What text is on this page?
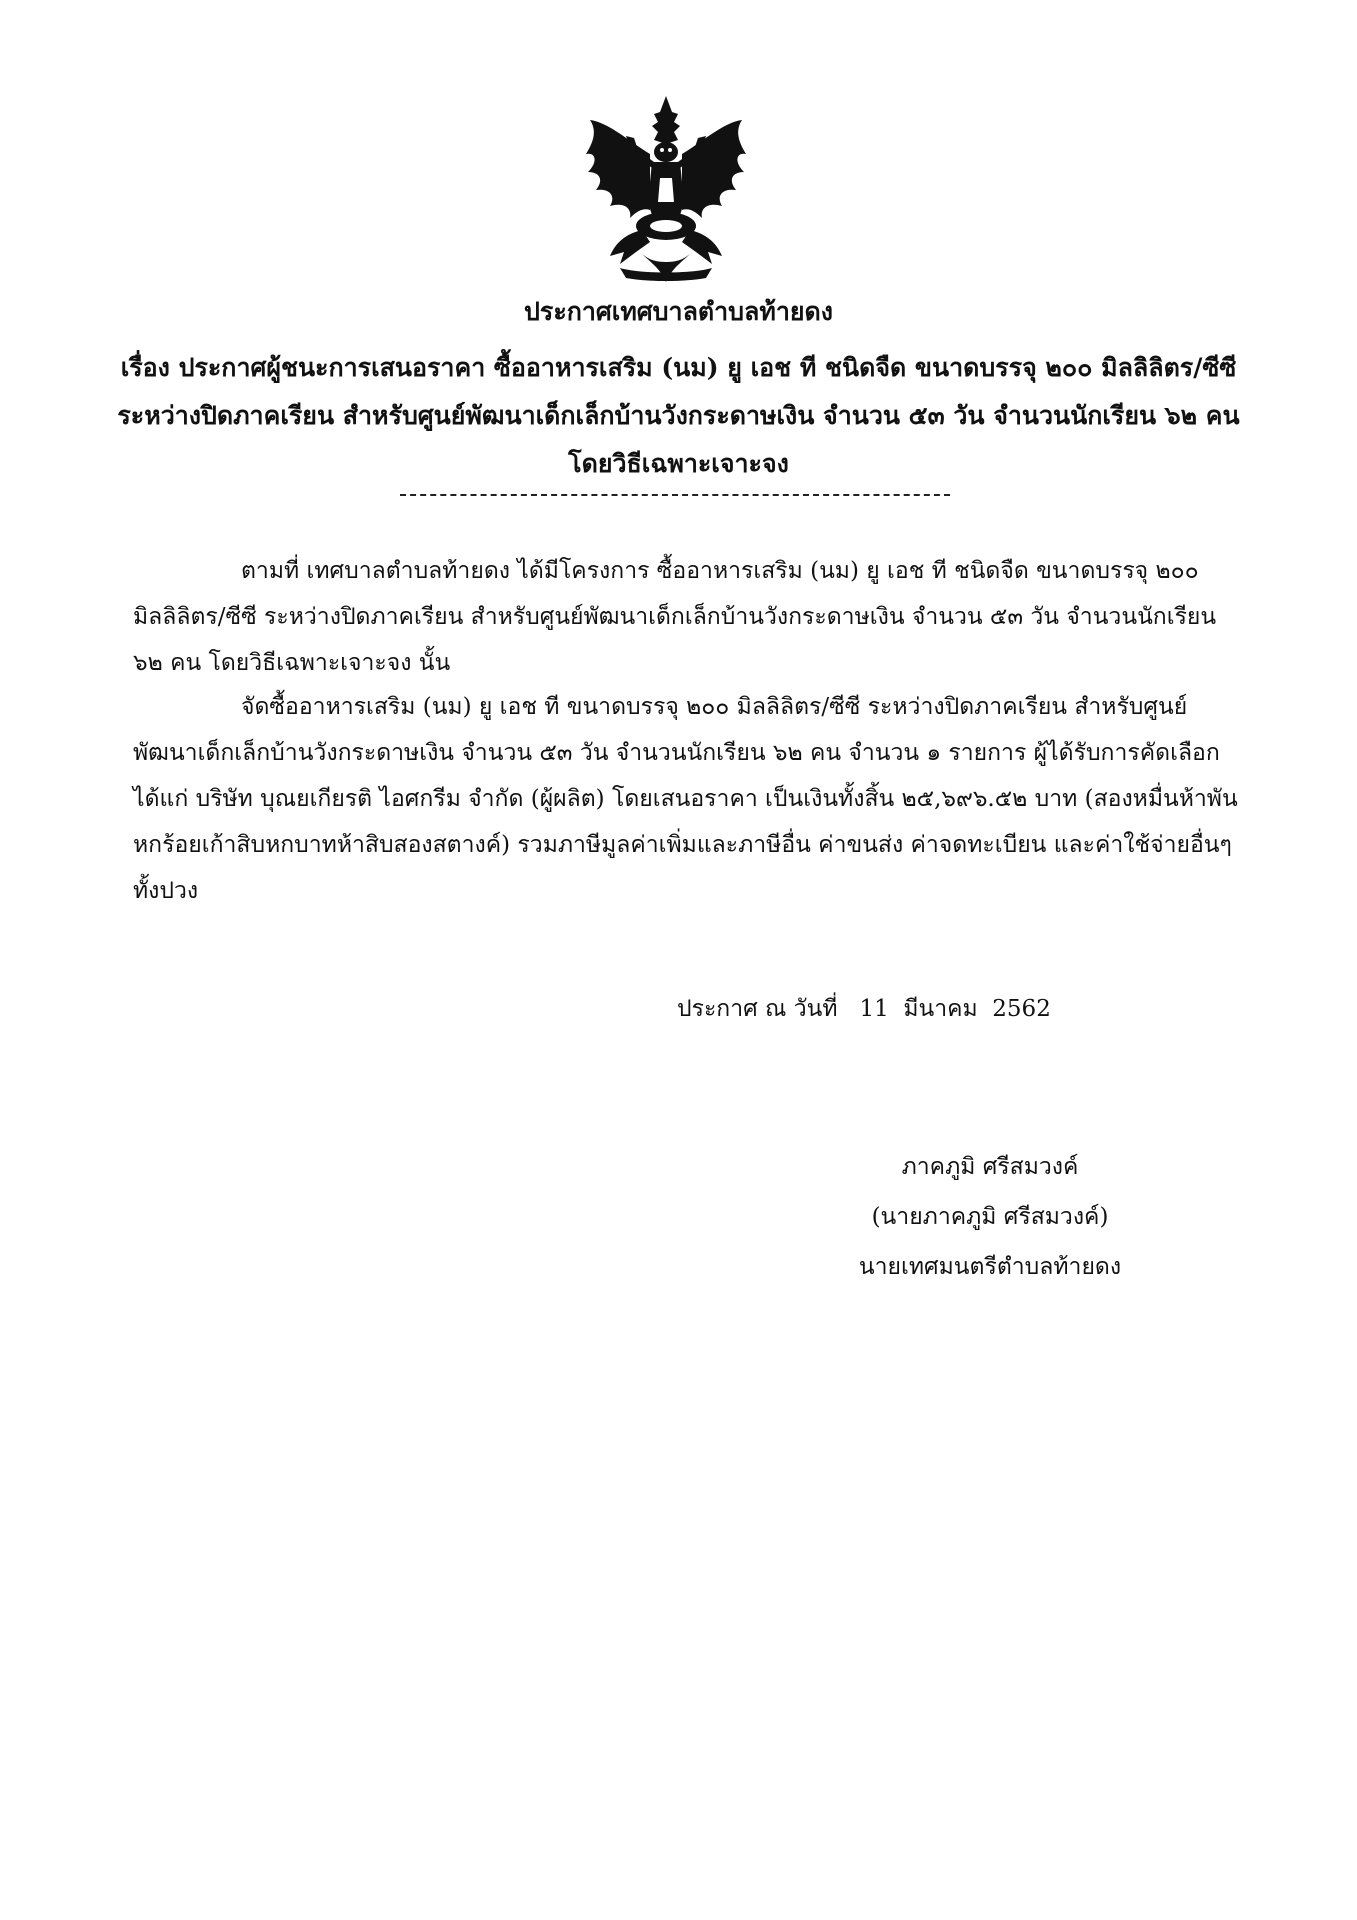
ประกาศเทศบาลตำบลท้ายดง
เรื่อง ประกาศผู้ชนะการเสนอราคา ซื้ออาหารเสริม (นม) ยู เอช ที ชนิดจืด ขนาดบรรจุ ๒๐๐ มิลลิลิตร/ซีซี ระหว่างปิดภาคเรียน สำหรับศูนย์พัฒนาเด็กเล็กบ้านวังกระดาษเงิน จำนวน ๕๓ วัน จำนวนนักเรียน ๖๒ คน โดยวิธีเฉพาะเจาะจง
ตามที่ เทศบาลตำบลท้ายดง ได้มีโครงการ ซื้ออาหารเสริม (นม) ยู เอช ที ชนิดจืด ขนาดบรรจุ ๒๐๐ มิลลิลิตร/ซีซี ระหว่างปิดภาคเรียน สำหรับศูนย์พัฒนาเด็กเล็กบ้านวังกระดาษเงิน จำนวน ๕๓ วัน จำนวนนักเรียน ๖๒ คน โดยวิธีเฉพาะเจาะจง นั้น
จัดซื้ออาหารเสริม (นม) ยู เอช ที ขนาดบรรจุ ๒๐๐ มิลลิลิตร/ซีซี ระหว่างปิดภาคเรียน สำหรับศูนย์พัฒนาเด็กเล็กบ้านวังกระดาษเงิน จำนวน ๕๓ วัน จำนวนนักเรียน ๖๒ คน จำนวน ๑ รายการ ผู้ได้รับการคัดเลือก ได้แก่ บริษัท บุณยเกียรติ ไอศกรีม จำกัด (ผู้ผลิต) โดยเสนอราคา เป็นเงินทั้งสิ้น ๒๕,๖๙๖.๕๒ บาท (สองหมื่นห้าพันหกร้อยเก้าสิบหกบาทห้าสิบสองสตางค์) รวมภาษีมูลค่าเพิ่มและภาษีอื่น ค่าขนส่ง ค่าจดทะเบียน และค่าใช้จ่ายอื่นๆ ทั้งปวง
ประกาศ ณ วันที่   11  มีนาคม  2562
ภาคภูมิ ศรีสมวงค์
(นายภาคภูมิ ศรีสมวงค์)
นายเทศมนตรีตำบลท้ายดง
